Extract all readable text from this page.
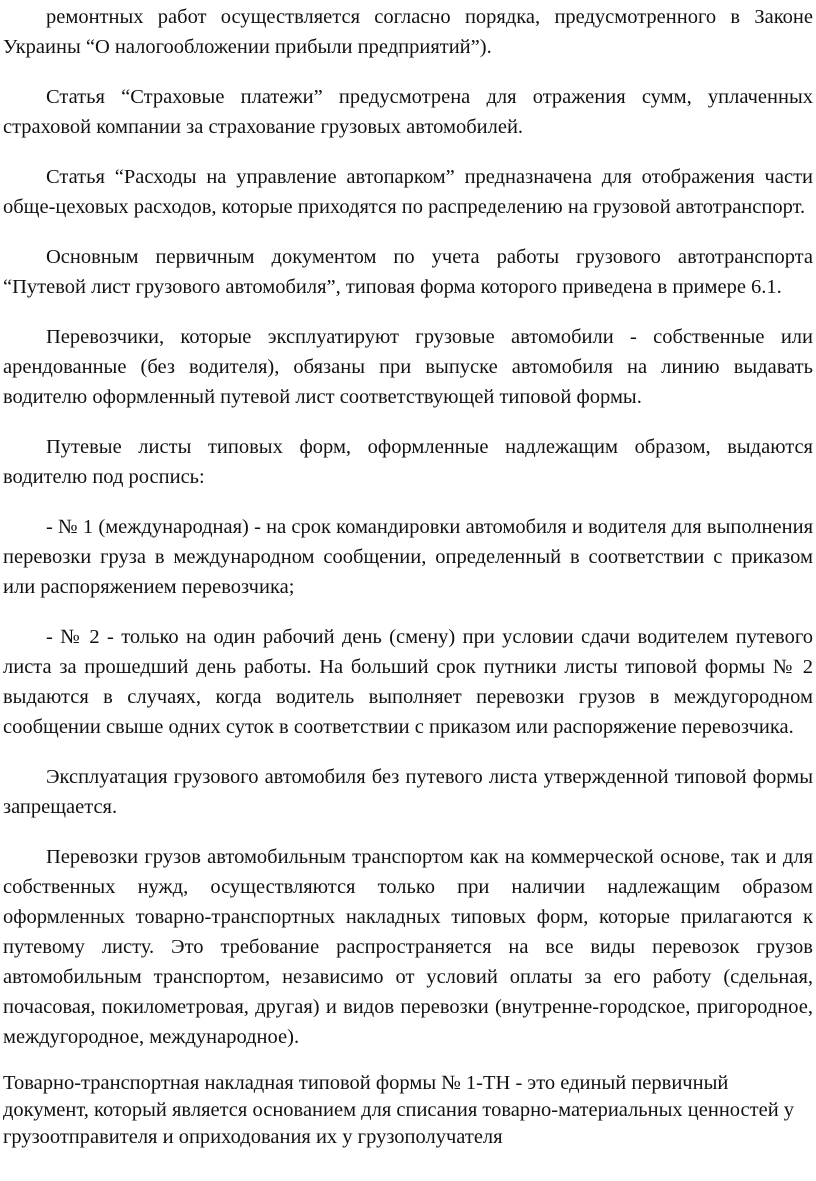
ремонтных работ осуществляется согласно порядка, предусмотренного в Законе Украины “О налогообложении прибыли предприятий”).

Статья “Страховые платежи” предусмотрена для отражения сумм, уплаченных страховой компании за страхование грузовых автомобилей.

Статья “Расходы на управление автопарком” предназначена для отображения части обще-цеховых расходов, которые приходятся по распределению на грузовой автотранспорт.

Основным первичным документом по учета работы грузового автотранспорта “Путевой лист грузового автомобиля”, типовая форма которого приведена в примере 6.1.

Перевозчики, которые эксплуатируют грузовые автомобили - собственные или арендованные (без водителя), обязаны при выпуске автомобиля на линию выдавать водителю оформленный путевой лист соответствующей типовой формы.

Путевые листы типовых форм, оформленные надлежащим образом, выдаются водителю под роспись:

- № 1 (международная) - на срок командировки автомобиля и водителя для выполнения перевозки груза в международном сообщении, определенный в соответствии с приказом или распоряжением перевозчика;

- № 2 - только на один рабочий день (смену) при условии сдачи водителем путевого листа за прошедший день работы. На больший срок путники листы типовой формы № 2 выдаются в случаях, когда водитель выполняет перевозки грузов в междугородном сообщении свыше одних суток в соответствии с приказом или распоряжение перевозчика.

Эксплуатация грузового автомобиля без путевого листа утвержденной типовой формы запрещается.

Перевозки грузов автомобильным транспортом как на коммерческой основе, так и для собственных нужд, осуществляются только при наличии надлежащим образом оформленных товарно-транспортных накладных типовых форм, которые прилагаются к путевому листу. Это требование распространяется на все виды перевозок грузов автомобильным транспортом, независимо от условий оплаты за его работу (сдельная, почасовая, покилометровая, другая) и видов перевозки (внутренне-городское, пригородное, междугородное, международное).

Товарно-транспортная накладная типовой формы № 1-ТН - это единый первичный документ, который является основанием для списания товарно-материальных ценностей у грузоотправителя и оприходования их у грузополучателя
